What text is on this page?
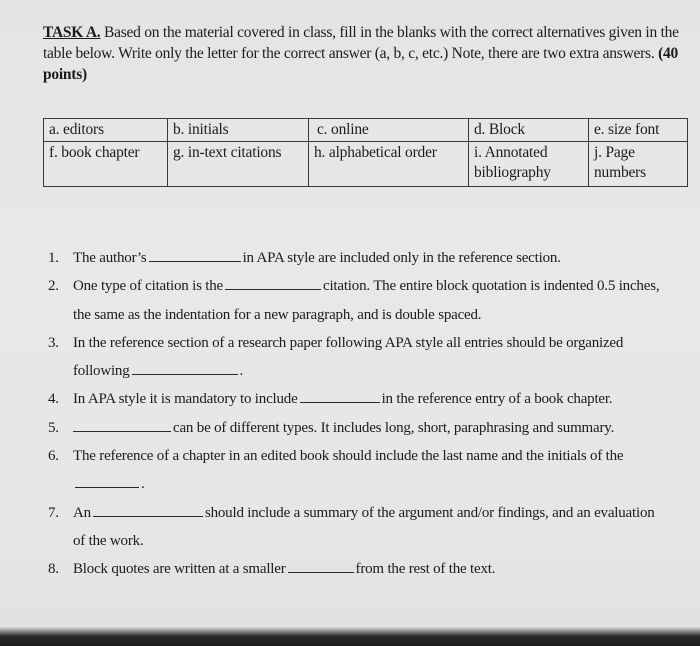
TASK A. Based on the material covered in class, fill in the blanks with the correct alternatives given in the table below. Write only the letter for the correct answer (a, b, c, etc.) Note, there are two extra answers. (40 points)
a. editors	b. initials	c. online	d. Block	e. size font
f. book chapter	g. in-text citations	h. alphabetical order	i. Annotated bibliography	j. Page numbers
1. The author’s	in APA style are included only in the reference section.
2. One type of citation is the	citation. The entire block quotation is indented 0.5 inches, the same as the indentation for a new paragraph, and is double spaced.
3. In the reference section of a research paper following APA style all entries should be organized following	.
4. In APA style it is mandatory to include	in the reference entry of a book chapter.
5.	can be of different types. It includes long, short, paraphrasing and summary.
6. The reference of a chapter in an edited book should include the last name and the initials of the.
7. An	should include a summary of the argument and/or findings, and an evaluation of the work.
8. Block quotes are written at a smaller	from the rest of the text.
